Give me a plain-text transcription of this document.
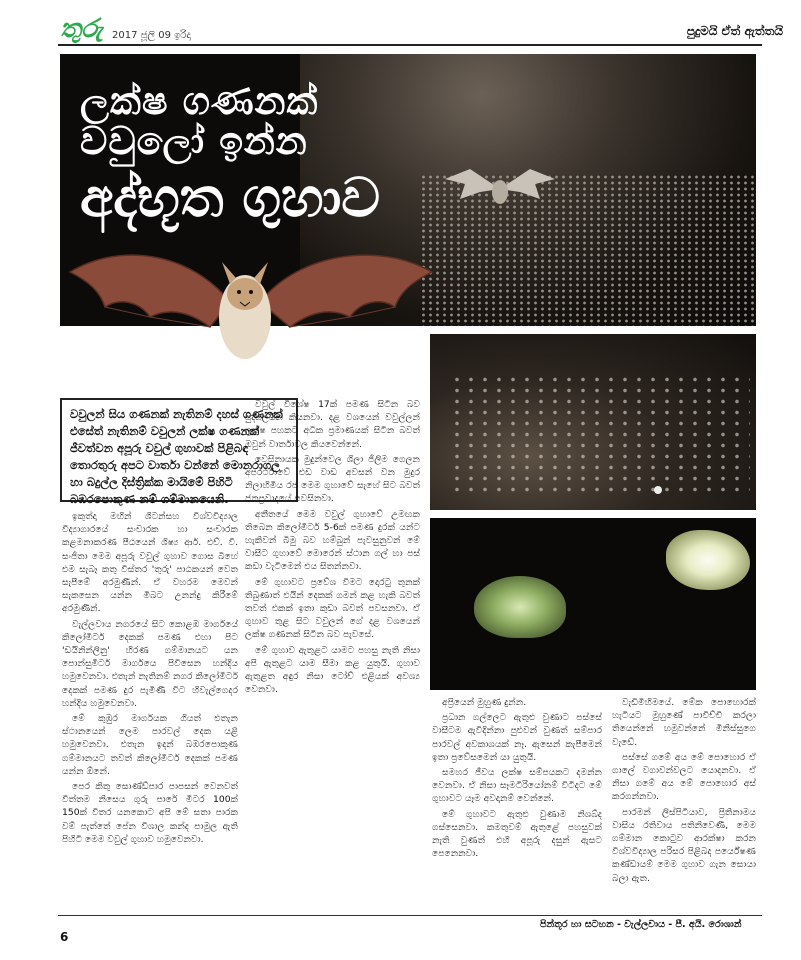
තුරු 2017 ජූලි 09 ඉරිදා	පුදුමයි ඒත් ඇත්තයි
ලක්ෂ ගණනක්
වවුලෝ ඉන්න
අද්භූත ගුහාව
වවුලන් සිය ගණනක් නැතිනම් දහස් ගණනක් එසේත් නැතිනම් වවුලන් ලක්ෂ ගණනක් ජීවත්වන අපූරු වවුල් ගුහාවක් පිළිබඳ තොරතුරු අපට වාර්තා වන්නේ මොනරාගල හා බදුල්ල දිස්ත්‍රික්ක මායිමේ පිහිටි බඹරපොකුණ නම් ගම්මානයෙනි.

ඉකුත්දා මහින් ශිටන්සහ විශ්වවිද්‍යාල විද්‍යාගාරයේ සංචාරක හා සංචාරක කළමනාකරණ පීඨයෙන් ශිෂ්‍ය ආර්. එච්. වී. සංජිතා මෙම අපූරු වවුල් ගුහාව ගොස බිහේ එම සැබෑ කතු විස්තර 'තුරු' පාඨකයන් වෙත සැපීමේ අරමුණින්. ඒ වහරම මෙවන් සැකසෙන යන්න මිබට උනන්දු කිරීමේ අරමුණින්.

වැල්ලවාය නගරයේ සිට කොළඹ මාර්ගයේ කිලෝමීටර් දෙකක් පමණ එහා පිට 'ඩයිනින්ලිනු' හිරණ ගම්මානයට යන පොන්සුමීටර් මාර්ගයෙ පිවිසෙන හන්දිය හමුවෙනවා. එතැන් නැතිනම් නගර කිලෝමීටර් දෙකක් පමණ දුර පැමිණි විට හිවැල්ගෙදර හන්දිය හමුවෙනවා.

මේ කුඹුර මාර්ගයක ගියත් එතැන ස්ථානයෙන් ලෙම පාරවල් දෙක යළි හමුවෙනවා. එතැන ඉදන් බඹරපොකුණ ගම්මානයට තවත් කිලෝමීටර් දෙකක් පමණ යන්න ඕනේ.

පෙර කිතු සොණ්ඩ්පාර පාපසන් වෙනවත් විත්තම නිසෙය ගුරු පාරේ මීටර 100ක් 150ක් විතර යනකොට අපි මේ සතා පාරක වම් පැත්තේ පේන විශාල කන්ද පාමුල ඇති පිහිටි මෙම වවුල් ගුහාව හමුවෙනවා.

වවුල් විශේෂ 17ක් පමණ සිටින බව පුද්ගලයින් කියනවා. දළ වශයෙන් වවුල්ලන් ලක්ෂ පහකට අධික ප්‍රමාණයක් සිටින බවත් ඔවුන් වාර්තාවල කියවෙන්නේ.

වෙසිනායක මුදුන්වෙල ශිලා ජිලිම ගෙලන අපරර්ථාවේ එඩ වාඩ අවසන් වන මුදුර නිලාහිමිය රජ මෙම ගුහාවේ සැහේ සිට බවත් ජනප්‍රවාදයේ පවසිනවා.

අතීතයේ මෙම වවුල් ගුහාවේ උමඟක තිබෙන කිලෝමීටර් 5-6ක් පමණ දුරක් යන්ට හැකිවන් බිමු බව හම්බුන් පැවසුනුවන් මේ වාසීට ගුහාවේ මොරෙන් ස්ථාන ගල් හා පස් කඩා වැටීමෙන් එය සිතන්නවා.

මේ ගුහාවට ප්‍රවේශ විමට දොරටු තුනක් තිබුණාත් එයින් දෙකක් ගමන් කළ හැකි බවත් තවත් එකක් ඉතා කුඩා බවත් පවසනවා. ඒ ගුහාව තුළ සිට වවුලන් ගේ දළ වශයෙන් ලක්ෂ ගණනක් සිටින බව පැවසේ.

මේ ගුහාව ඇතුළට යාමට පහසු නැති නිසා අපි ඇතුළට යාම සීමා කළ යුතුයි. ගුහාව ඇතුළත අඳුර නිසා ටෝච් එළියක් අවශ්‍ය වෙනවා.

අප්‍රියෙන් මුහුණ දුන්න.

ප්‍රධාන ගල්ලෙට ඇතුළු වුණාට පස්සේ වාසීටම ඇවිදින්නා පුළුවන් වුණත් සම්පාර පාරවල් අවකාශයක් නෑ. ඇසෙන් කැපීමෙන් ඉතා ප්‍රවේසමෙන් යා යුතුයි.

සමහර ජීවය ලක්ෂ සම්පයකට දමන්න වෙනවා. ඒ නිසා සෑමටිරියෝනම් විටිදට මේ ගුහාවට යෑම අවදානම් වෙන්නේ.

මේ ගුහාවට ඇතුළු වුණාම නිශබ්ද ගස්සෙනවා. කමතුවම් ඇතුළේ පහසුවක් නැති වුණත් එහි අපූරු දසුන් ඇසට පෙනෙනවා.

වැඩිමිහිමයේ. මේක පොහොරක් හැටියට මුහුණේ පාවිච්චි කරලා තියෙන්නේ හමුවන්නේ මිනිස්සුගෙ වැඩේ.

පස්සේ ගමේ අය මේ පොහොර ඒ ගාලේ වගාවන්වලට යොදනවා. ඒ නිසා ගමේ අය මේ පොහොර අස් කරගන්නවා.

පාරමන් ලිස්පිටියාව, ප්‍රිතිනාමය වාසිය රතිවාය පතිනිවෙණී, මෙම ගම්මාන කොටුව ආරක්ෂා කරන විශ්වවිද්‍යාල පරිසර පිළිබද පර්යේෂණ කණ්ඩායම් මෙම ගුහාව ගැන සොයා බලා ඇත.

පින්තූර හා සටහන - වැල්ලවාය - පී. අයි. රොශාන්
6
